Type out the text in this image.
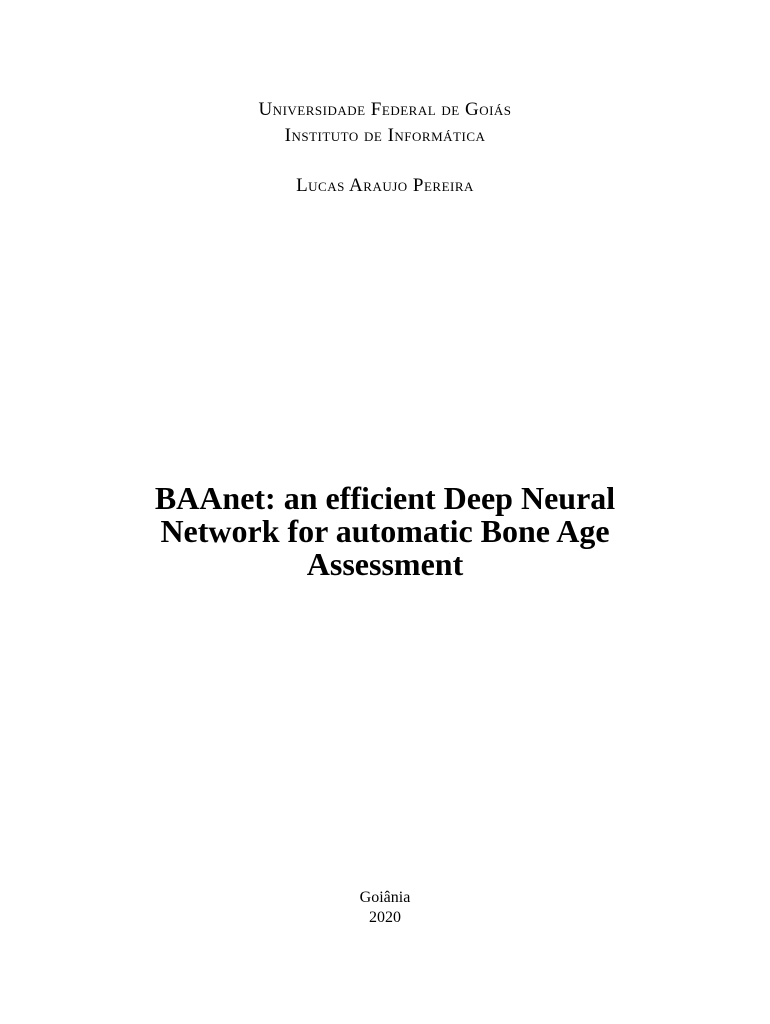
Universidade Federal de Goiás
Instituto de Informática
Lucas Araujo Pereira
BAAnet: an efficient Deep Neural
Network for automatic Bone Age
Assessment
Goiânia
2020
